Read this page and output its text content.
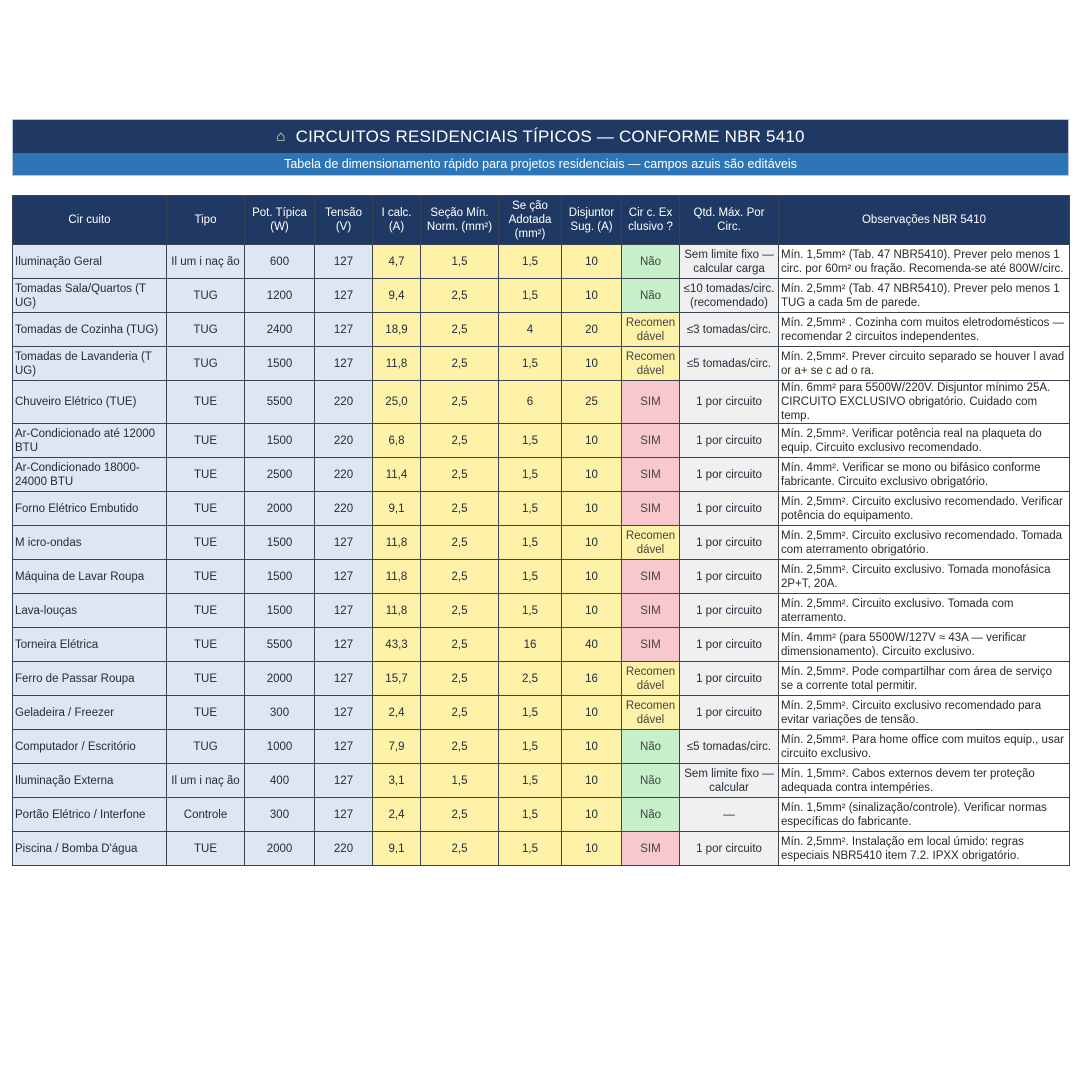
⌂ CIRCUITOS RESIDENCIAIS TÍPICOS — CONFORME NBR 5410
Tabela de dimensionamento rápido para projetos residenciais — campos azuis são editáveis
Cir cuito	Tipo	Pot. Típica (W)	Tensão (V)	I calc. (A)	Seção Mín. Norm. (mm²)	Se ção Adotada (mm²)	Disjuntor Sug. (A)	Cir c. Ex clusivo ?	Qtd. Máx. Por Circ.	Observações NBR 5410
Iluminação Geral	Il um i naç ão	600	127	4,7	1,5	1,5	10	Não	Sem limite fixo — calcular carga	Mín. 1,5mm² (Tab. 47 NBR5410). Prever pelo menos 1 circ. por 60m² ou fração. Recomenda-se até 800W/circ.
Tomadas Sala/Quartos (T UG)	TUG	1200	127	9,4	2,5	1,5	10	Não	≤10 tomadas/circ. (recomendado)	Mín. 2,5mm² (Tab. 47 NBR5410). Prever pelo menos 1 TUG a cada 5m de parede.
Tomadas de Cozinha (TUG)	TUG	2400	127	18,9	2,5	4	20	Recomen dável	≤3 tomadas/circ.	Mín. 2,5mm² . Cozinha com muitos eletrodomésticos — recomendar 2 circuitos independentes.
Tomadas de Lavanderia (T UG)	TUG	1500	127	11,8	2,5	1,5	10	Recomen dável	≤5 tomadas/circ.	Mín. 2,5mm². Prever circuito separado se houver l avad or a+ se c ad o ra.
Chuveiro Elétrico (TUE)	TUE	5500	220	25,0	2,5	6	25	SIM	1 por circuito	Mín. 6mm² para 5500W/220V. Disjuntor mínimo 25A. CIRCUITO EXCLUSIVO obrigatório. Cuidado com temp.
Ar-Condicionado até 12000 BTU	TUE	1500	220	6,8	2,5	1,5	10	SIM	1 por circuito	Mín. 2,5mm². Verificar potência real na plaqueta do equip. Circuito exclusivo recomendado.
Ar-Condicionado 18000-24000 BTU	TUE	2500	220	11,4	2,5	1,5	10	SIM	1 por circuito	Mín. 4mm². Verificar se mono ou bifásico conforme fabricante. Circuito exclusivo obrigatório.
Forno Elétrico Embutido	TUE	2000	220	9,1	2,5	1,5	10	SIM	1 por circuito	Mín. 2,5mm². Circuito exclusivo recomendado. Verificar potência do equipamento.
M icro-ondas	TUE	1500	127	11,8	2,5	1,5	10	Recomen dável	1 por circuito	Mín. 2,5mm². Circuito exclusivo recomendado. Tomada com aterramento obrigatório.
Máquina de Lavar Roupa	TUE	1500	127	11,8	2,5	1,5	10	SIM	1 por circuito	Mín. 2,5mm². Circuito exclusivo. Tomada monofásica 2P+T, 20A.
Lava-louças	TUE	1500	127	11,8	2,5	1,5	10	SIM	1 por circuito	Mín. 2,5mm². Circuito exclusivo. Tomada com aterramento.
Torneira Elétrica	TUE	5500	127	43,3	2,5	16	40	SIM	1 por circuito	Mín. 4mm² (para 5500W/127V ≈ 43A — verificar dimensionamento). Circuito exclusivo.
Ferro de Passar Roupa	TUE	2000	127	15,7	2,5	2,5	16	Recomen dável	1 por circuito	Mín. 2,5mm². Pode compartilhar com área de serviço se a corrente total permitir.
Geladeira / Freezer	TUE	300	127	2,4	2,5	1,5	10	Recomen dável	1 por circuito	Mín. 2,5mm². Circuito exclusivo recomendado para evitar variações de tensão.
Computador / Escritório	TUG	1000	127	7,9	2,5	1,5	10	Não	≤5 tomadas/circ.	Mín. 2,5mm². Para home office com muitos equip., usar circuito exclusivo.
Iluminação Externa	Il um i naç ão	400	127	3,1	1,5	1,5	10	Não	Sem limite fixo — calcular	Mín. 1,5mm². Cabos externos devem ter proteção adequada contra intempéries.
Portão Elétrico / Interfone	Controle	300	127	2,4	2,5	1,5	10	Não	—	Mín. 1,5mm² (sinalização/controle). Verificar normas específicas do fabricante.
Piscina / Bomba D'água	TUE	2000	220	9,1	2,5	1,5	10	SIM	1 por circuito	Mín. 2,5mm². Instalação em local úmido: regras especiais NBR5410 item 7.2. IPXX obrigatório.
